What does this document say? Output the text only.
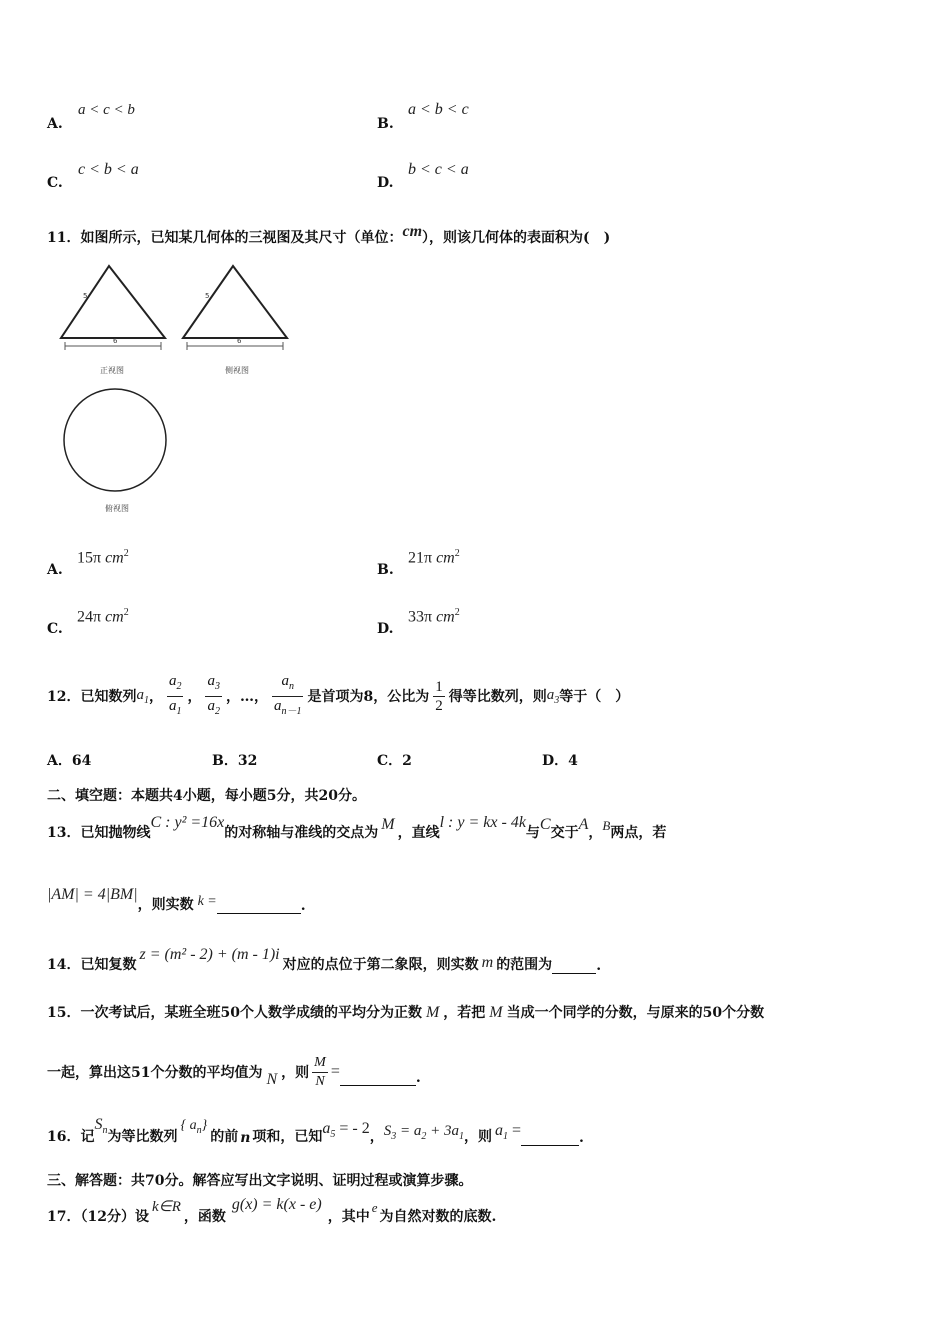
A.
a < c < b
B.
a < b < c
C.
c < b < a
D.
b < c < a
11．如图所示，已知某几何体的三视图及其尺寸（单位：cm），则该几何体的表面积为(　)
6
5
正视图
6
5
侧视图
俯视图
A.
15π $cm^2$
B.
21π $cm^2$
C.
24π $cm^2$
D.
33π $cm^2$
12．已知数列 $a_1$ ， $\frac{a_2}{a_1}$ ， $\frac{a_3}{a_2}$ ，…， $\frac{a_n}{a_{n-1}}$ 是首项为8，公比为 $\frac{1}{2}$ 得等比数列，则 $a_3$ 等于（　）
A．64	B．32	C．2	D．4
二、填空题：本题共4小题，每小题5分，共20分。
13．已知抛物线
C : y² =16x
的对称轴与准线的交点为 M ，直线
l : y = kx - 4k
与 C 交于 A ， B 两点，若
|AM| = 4|BM|
，则实数 k =	.
14．已知复数
z = (m² - 2) + (m - 1)i
对应的点位于第二象限，则实数 m 的范围为	.
15．一次考试后，某班全班50个人数学成绩的平均分为正数 M ，若把 M 当成一个同学的分数，与原来的50个分数
一起，算出这51个分数的平均值为 N ，则 $\frac{M}{N}$ =	.
16．记
$S_n$ 为等比数列
{ $a_n$}
的前 n 项和，已知
$a_5$ = - 2
， $S_3 = a_2 + 3a_1$ ，则 $a_1$ =	.
三、解答题：共70分。解答应写出文字说明、证明过程或演算步骤。
17．（12分）设
k∈R
，函数
g(x) = k(x - e)
，其中
e
为自然对数的底数.
